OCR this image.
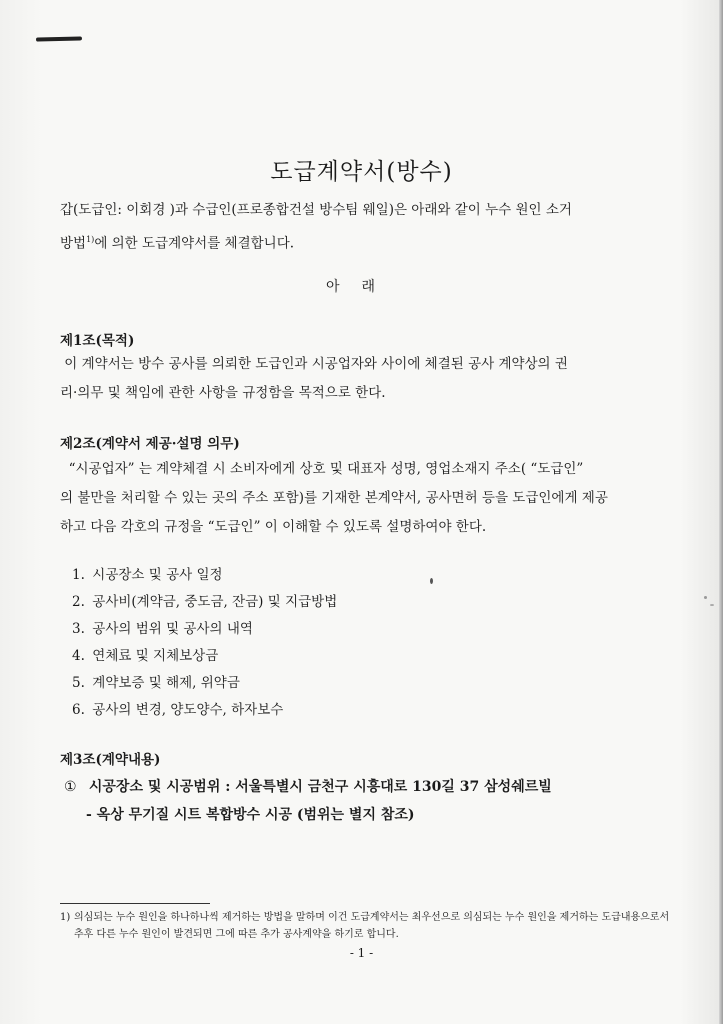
도급계약서(방수)

갑(도급인: 이회경 )과 수급인(프로종합건설 방수팀 웨일)은 아래와 같이 누수 원인 소거
방법$^{1)}$에 의한 도급계약서를 체결합니다.

아래
제1조(목적)

이 계약서는 방수 공사를 의뢰한 도급인과 시공업자와 사이에 체결된 공사 계약상의 권
리·의무 및 책임에 관한 사항을 규정함을 목적으로 한다.

제2조(계약서 제공·설명 의무)

“시공업자” 는 계약체결 시 소비자에게 상호 및 대표자 성명, 영업소재지 주소( “도급인”
의 불만을 처리할 수 있는 곳의 주소 포함)를 기재한 본계약서, 공사면허 등을 도급인에게 제공
하고 다음 각호의 규정을 “도급인” 이 이해할 수 있도록 설명하여야 한다.

1. 시공장소 및 공사 일정
2. 공사비(계약금, 중도금, 잔금) 및 지급방법
3. 공사의 범위 및 공사의 내역
4. 연체료 및 지체보상금
5. 계약보증 및 해제, 위약금
6. 공사의 변경, 양도양수, 하자보수
제3조(계약내용)
① 시공장소 및 시공범위 : 서울특별시 금천구 시흥대로 130길 37 삼성쉐르빌
- 옥상 무기질 시트 복합방수 시공 (범위는 별지 참조)

1) 의심되는 누수 원인을 하나하나씩 제거하는 방법을 말하며 이건 도급계약서는 최우선으로 의심되는 누수 원인을 제거하는 도급내용으로서 추후 다른 누수 원인이 발견되면 그에 따른 추가 공사계약을 하기로 합니다.

- 1 -
